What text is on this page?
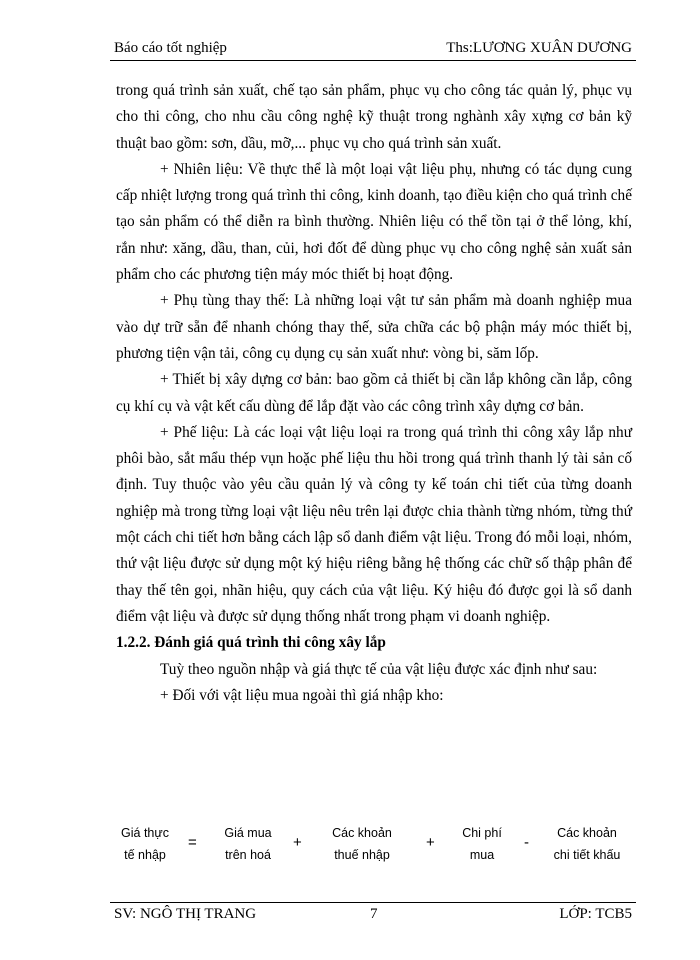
Báo cáo tốt nghiệp	Ths:LƯƠNG XUÂN DƯƠNG

trong quá trình sản xuất, chế tạo sản phẩm, phục vụ cho công tác quản lý, phục vụ cho thi công, cho nhu cầu công nghệ kỹ thuật trong nghành xây xựng cơ bản kỹ thuật bao gồm: sơn, dầu, mỡ,... phục vụ cho quá trình sản xuất.

+ Nhiên liệu: Về thực thể là một loại vật liệu phụ, nhưng có tác dụng cung cấp nhiệt lượng trong quá trình thi công, kinh doanh, tạo điều kiện cho quá trình chế tạo sản phẩm có thể diễn ra bình thường. Nhiên liệu có thể tồn tại ở thể lỏng, khí, rắn như: xăng, dầu, than, củi, hơi đốt để dùng phục vụ cho công nghệ sản xuất sản phẩm cho các phương tiện máy móc thiết bị hoạt động.

+ Phụ tùng thay thế: Là những loại vật tư sản phẩm mà doanh nghiệp mua vào dự trữ sẵn để nhanh chóng thay thế, sửa chữa các bộ phận máy móc thiết bị, phương tiện vận tải, công cụ dụng cụ sản xuất như: vòng bi, săm lốp.

+ Thiết bị xây dựng cơ bản: bao gồm cả thiết bị cần lắp không cần lắp, công cụ khí cụ và vật kết cấu dùng để lắp đặt vào các công trình xây dựng cơ bản.

+ Phế liệu: Là các loại vật liệu loại ra trong quá trình thi công xây lắp như phôi bào, sắt mẩu thép vụn hoặc phế liệu thu hồi trong quá trình thanh lý tài sản cố định. Tuy thuộc vào yêu cầu quản lý và công ty kế toán chi tiết của từng doanh nghiệp mà trong từng loại vật liệu nêu trên lại được chia thành từng nhóm, từng thứ một cách chi tiết hơn bằng cách lập sổ danh điểm vật liệu. Trong đó mỗi loại, nhóm, thứ vật liệu được sử dụng một ký hiệu riêng bằng hệ thống các chữ số thập phân để thay thế tên gọi, nhãn hiệu, quy cách của vật liệu. Ký hiệu đó được gọi là sổ danh điểm vật liệu và được sử dụng thống nhất trong phạm vi doanh nghiệp.

1.2.2. Đánh giá quá trình thi công xây lắp

Tuỳ theo nguồn nhập và giá thực tế của vật liệu được xác định như sau:

+ Đối với vật liệu mua ngoài thì giá nhập kho:

Giá thực
tế nhập
=
Giá mua
trên hoá
+
Các khoản
thuế nhập
+
Chi phí
mua
-
Các khoản
chi tiết khấu
SV: NGÔ THỊ TRANG	7	LỚP: TCB5
